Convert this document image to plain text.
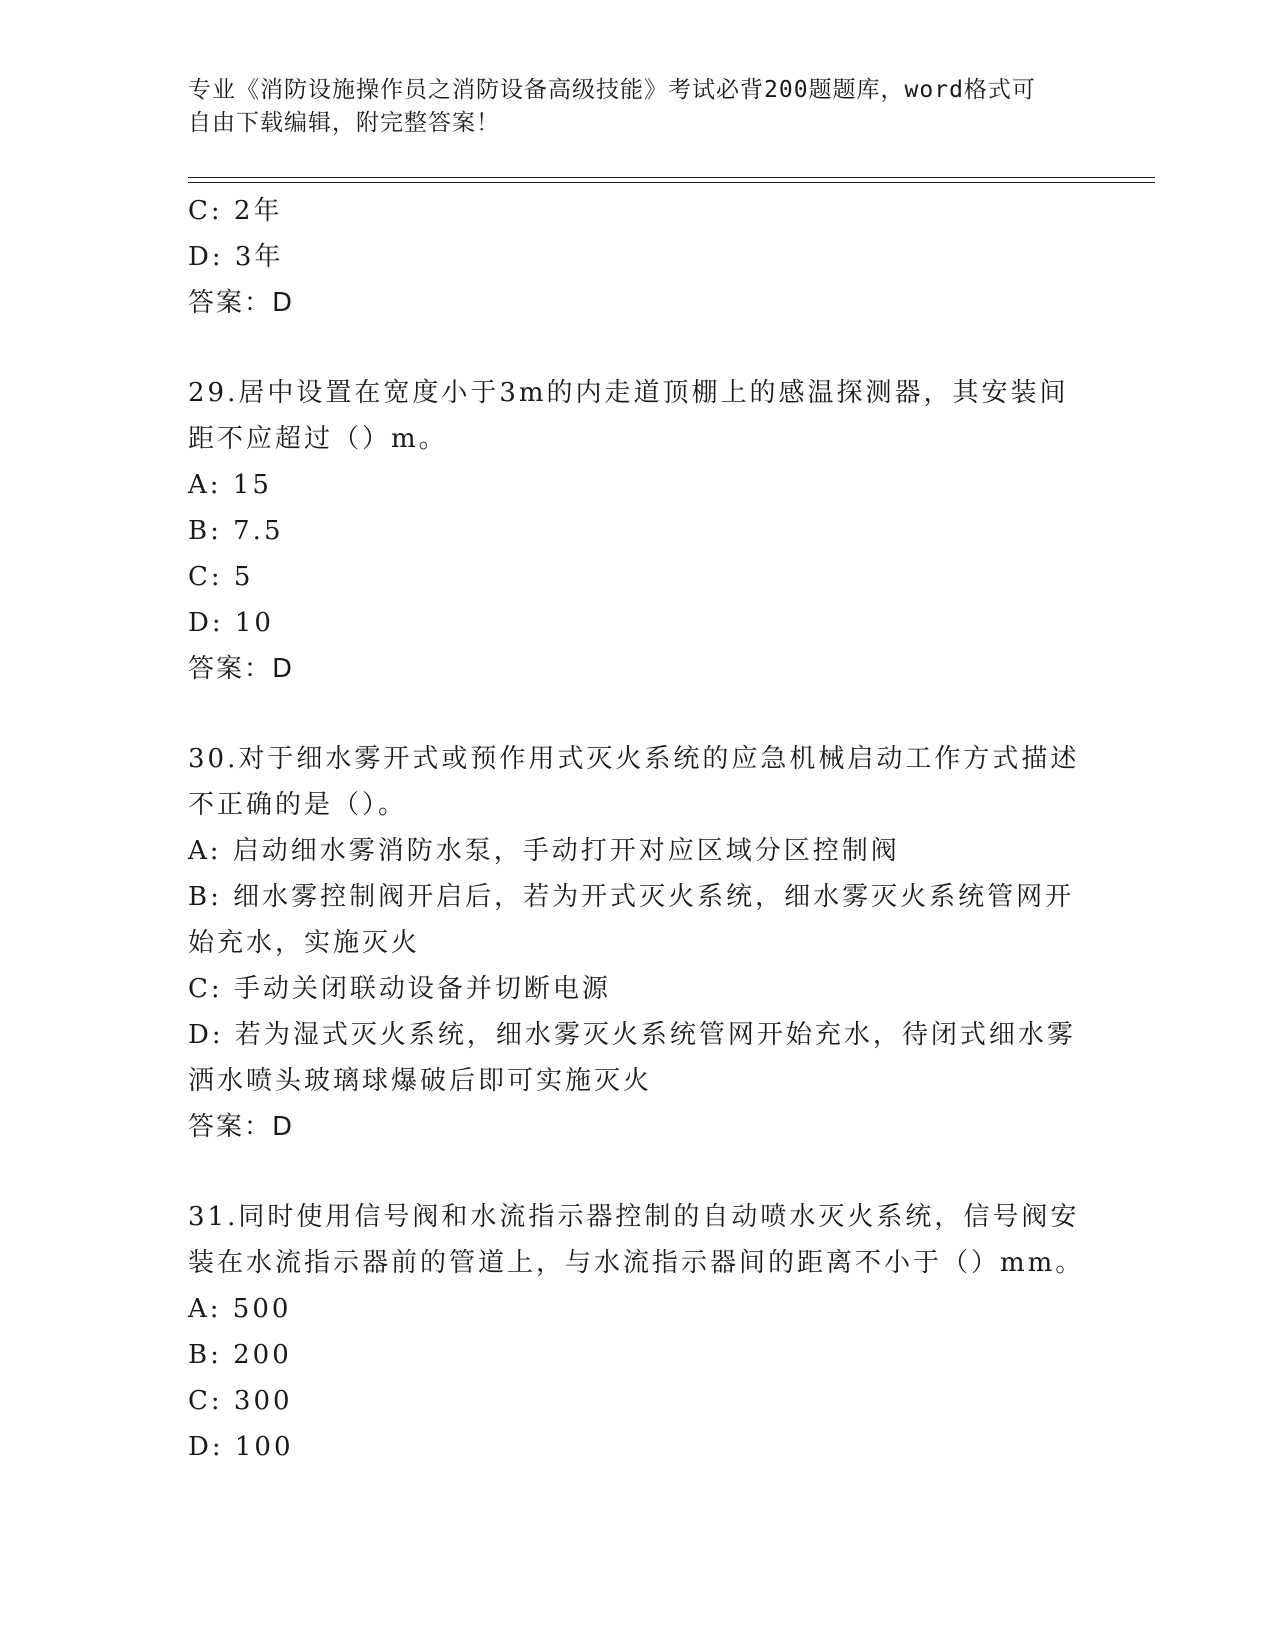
专业《消防设施操作员之消防设备高级技能》考试必背200题题库，word格式可
自由下载编辑，附完整答案！
C: 2年
D: 3年
答案：D
29.居中设置在宽度小于3m的内走道顶棚上的感温探测器，其安装间
距不应超过（）m。
A: 15
B: 7.5
C: 5
D: 10
答案：D
30.对于细水雾开式或预作用式灭火系统的应急机械启动工作方式描述
不正确的是（）。
A: 启动细水雾消防水泵，手动打开对应区域分区控制阀
B: 细水雾控制阀开启后，若为开式灭火系统，细水雾灭火系统管网开
始充水，实施灭火
C: 手动关闭联动设备并切断电源
D: 若为湿式灭火系统，细水雾灭火系统管网开始充水，待闭式细水雾
洒水喷头玻璃球爆破后即可实施灭火
答案：D
31.同时使用信号阀和水流指示器控制的自动喷水灭火系统，信号阀安
装在水流指示器前的管道上，与水流指示器间的距离不小于（）mm。
A: 500
B: 200
C: 300
D: 100
